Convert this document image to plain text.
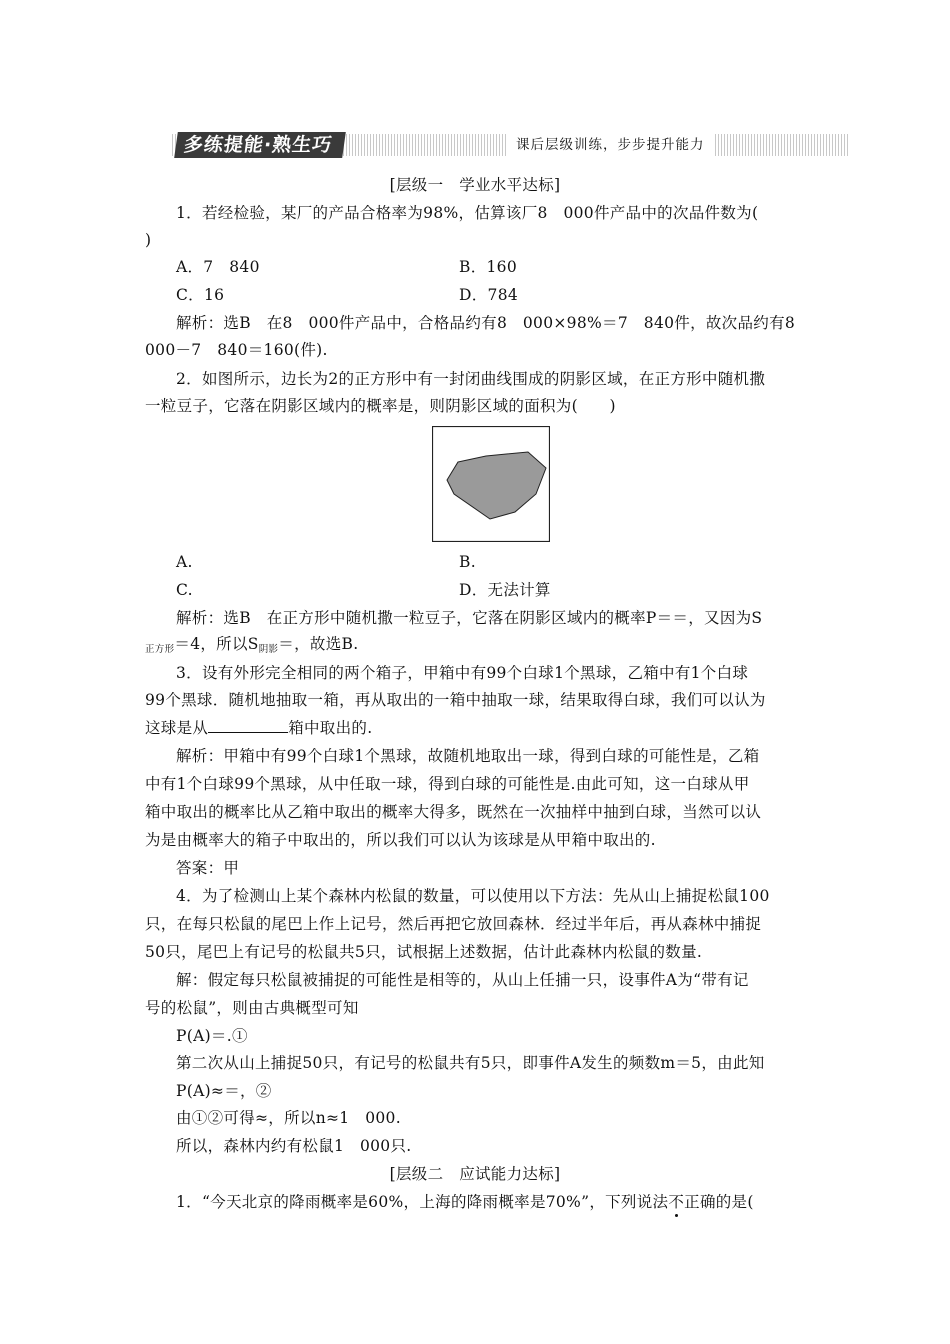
多练提能·熟生巧	课后层级训练，步步提升能力
[层级一　学业水平达标]
1．若经检验，某厂的产品合格率为98%，估算该厂8　000件产品中的次品件数为(
)
A．7　840	B．160
C．16	D．784
解析：选B　在8　000件产品中，合格品约有8　000×98%＝7　840件，故次品约有8
000－7　840＝160(件).
2．如图所示，边长为2的正方形中有一封闭曲线围成的阴影区域，在正方形中随机撒
一粒豆子，它落在阴影区域内的概率是，则阴影区域的面积为(　　)
A.	B.
C.	D．无法计算
解析：选B　在正方形中随机撒一粒豆子，它落在阴影区域内的概率P＝＝，又因为S
正方形＝4，所以S阴影＝，故选B.
3．设有外形完全相同的两个箱子，甲箱中有99个白球1个黑球，乙箱中有1个白球
99个黑球．随机地抽取一箱，再从取出的一箱中抽取一球，结果取得白球，我们可以认为
这球是从	箱中取出的.
解析：甲箱中有99个白球1个黑球，故随机地取出一球，得到白球的可能性是，乙箱
中有1个白球99个黑球，从中任取一球，得到白球的可能性是.由此可知，这一白球从甲
箱中取出的概率比从乙箱中取出的概率大得多，既然在一次抽样中抽到白球，当然可以认
为是由概率大的箱子中取出的，所以我们可以认为该球是从甲箱中取出的.
答案：甲
4．为了检测山上某个森林内松鼠的数量，可以使用以下方法：先从山上捕捉松鼠100
只，在每只松鼠的尾巴上作上记号，然后再把它放回森林．经过半年后，再从森林中捕捉
50只，尾巴上有记号的松鼠共5只，试根据上述数据，估计此森林内松鼠的数量.
解：假定每只松鼠被捕捉的可能性是相等的，从山上任捕一只，设事件A为“带有记
号的松鼠”，则由古典概型可知
P(A)＝.①
第二次从山上捕捉50只，有记号的松鼠共有5只，即事件A发生的频数m＝5，由此知
P(A)≈＝，②
由①②可得≈，所以n≈1　000.
所以，森林内约有松鼠1　000只.
[层级二　应试能力达标]
1．“今天北京的降雨概率是60%，上海的降雨概率是70%”，下列说法不正确的是(
